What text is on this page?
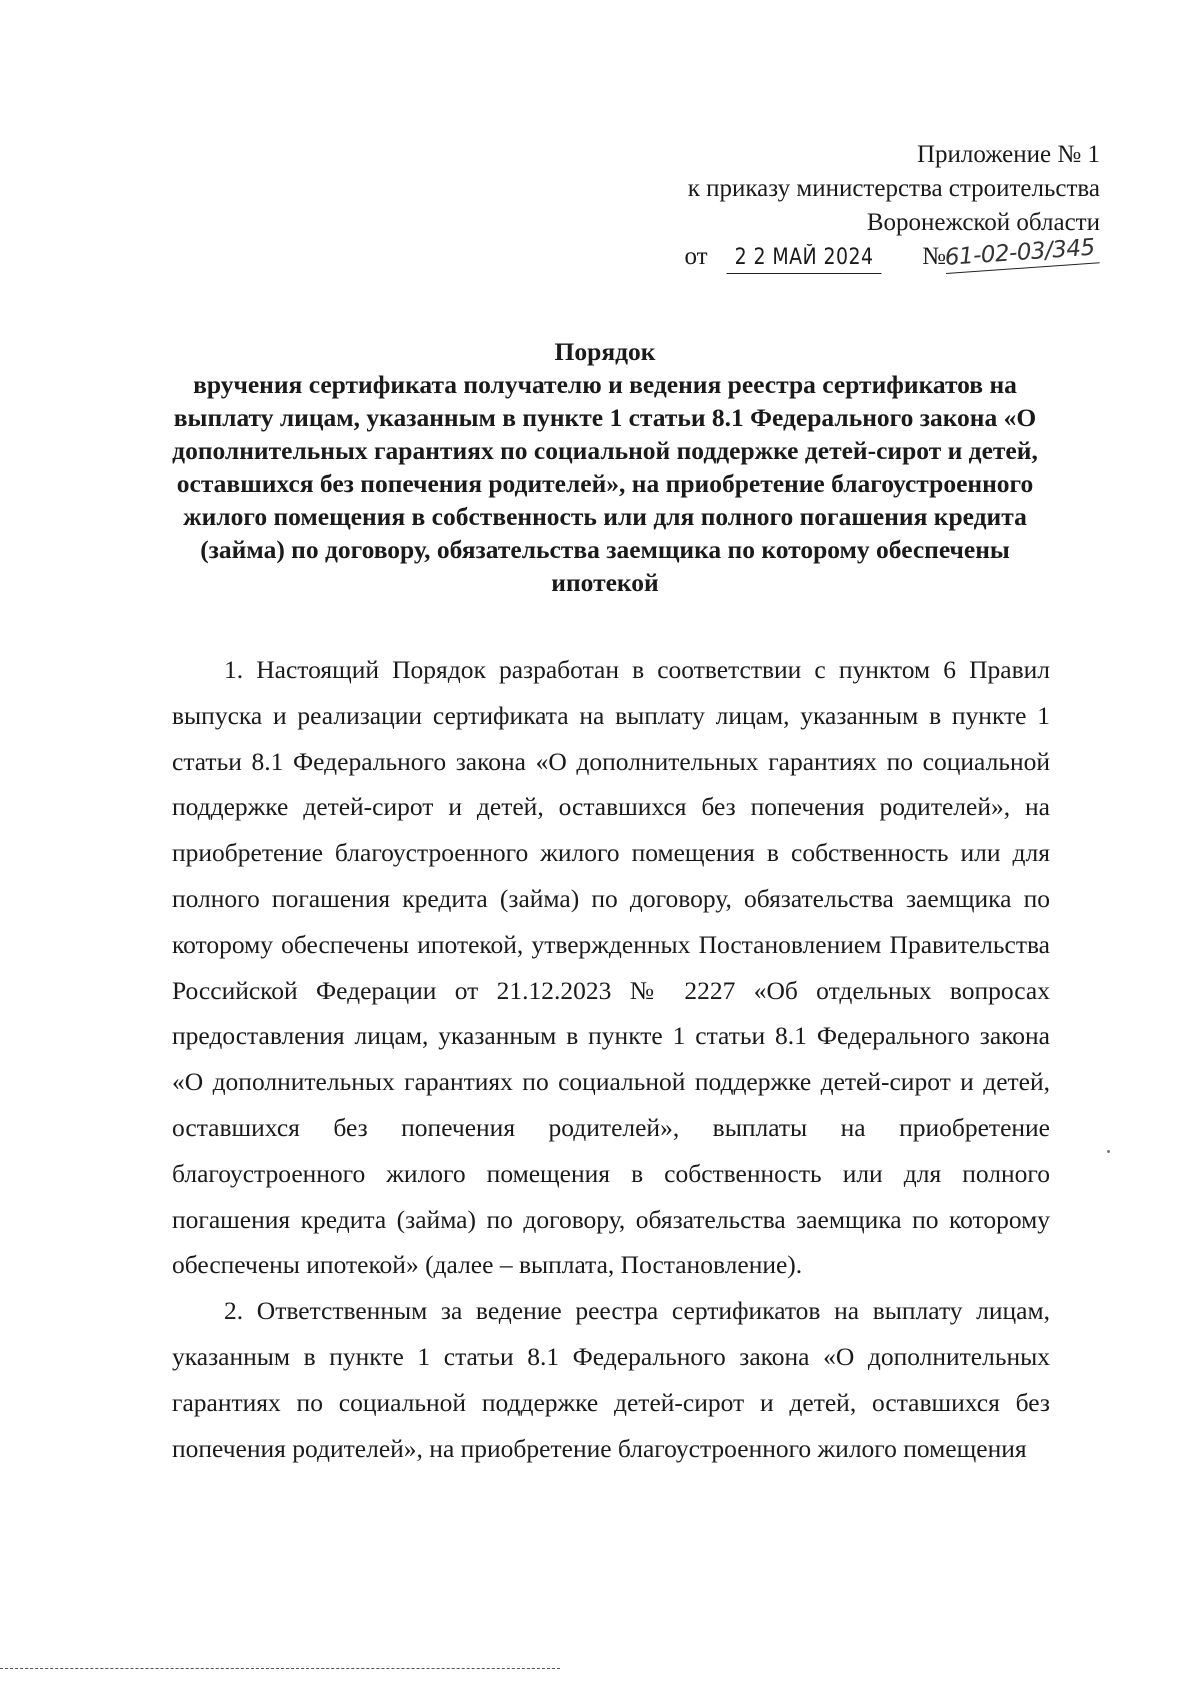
Приложение № 1
к приказу министерства строительства
Воронежской области
от 2 2 МАЙ 2024 №
61-02-03/345
Порядок
вручения сертификата получателю и ведения реестра сертификатов на выплату лицам, указанным в пункте 1 статьи 8.1 Федерального закона «О дополнительных гарантиях по социальной поддержке детей-сирот и детей, оставшихся без попечения родителей», на приобретение благоустроенного жилого помещения в собственность или для полного погашения кредита (займа) по договору, обязательства заемщика по которому обеспечены ипотекой

1. Настоящий Порядок разработан в соответствии с пунктом 6 Правил выпуска и реализации сертификата на выплату лицам, указанным в пункте 1 статьи 8.1 Федерального закона «О дополнительных гарантиях по социальной поддержке детей-сирот и детей, оставшихся без попечения родителей», на приобретение благоустроенного жилого помещения в собственность или для полного погашения кредита (займа) по договору, обязательства заемщика по которому обеспечены ипотекой, утвержденных Постановлением Правительства Российской Федерации от 21.12.2023 № 2227 «Об отдельных вопросах предоставления лицам, указанным в пункте 1 статьи 8.1 Федерального закона «О дополнительных гарантиях по социальной поддержке детей-сирот и детей, оставшихся без попечения родителей», выплаты на приобретение благоустроенного жилого помещения в собственность или для полного погашения кредита (займа) по договору, обязательства заемщика по которому обеспечены ипотекой» (далее – выплата, Постановление).

2. Ответственным за ведение реестра сертификатов на выплату лицам, указанным в пункте 1 статьи 8.1 Федерального закона «О дополнительных гарантиях по социальной поддержке детей-сирот и детей, оставшихся без попечения родителей», на приобретение благоустроенного жилого помещения
